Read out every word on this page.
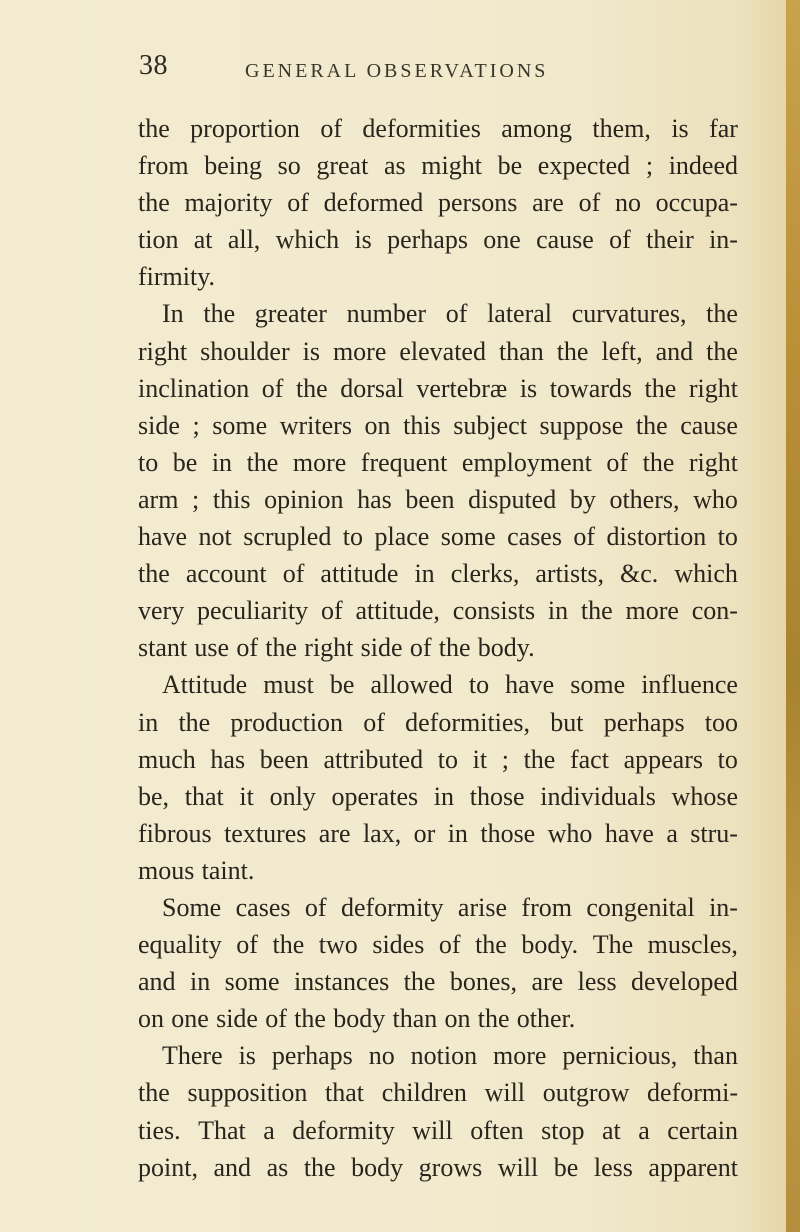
38	GENERAL OBSERVATIONS
the proportion of deformities among them, is far
from being so great as might be expected ; indeed
the majority of deformed persons are of no occupa-
tion at all, which is perhaps one cause of their in-
firmity.
In the greater number of lateral curvatures, the
right shoulder is more elevated than the left, and the
inclination of the dorsal vertebræ is towards the right
side ; some writers on this subject suppose the cause
to be in the more frequent employment of the right
arm ; this opinion has been disputed by others, who
have not scrupled to place some cases of distortion to
the account of attitude in clerks, artists, &c. which
very peculiarity of attitude, consists in the more con-
stant use of the right side of the body.
Attitude must be allowed to have some influence
in the production of deformities, but perhaps too
much has been attributed to it ; the fact appears to
be, that it only operates in those individuals whose
fibrous textures are lax, or in those who have a stru-
mous taint.
Some cases of deformity arise from congenital in-
equality of the two sides of the body. The muscles,
and in some instances the bones, are less developed
on one side of the body than on the other.
There is perhaps no notion more pernicious, than
the supposition that children will outgrow deformi-
ties. That a deformity will often stop at a certain
point, and as the body grows will be less apparent
